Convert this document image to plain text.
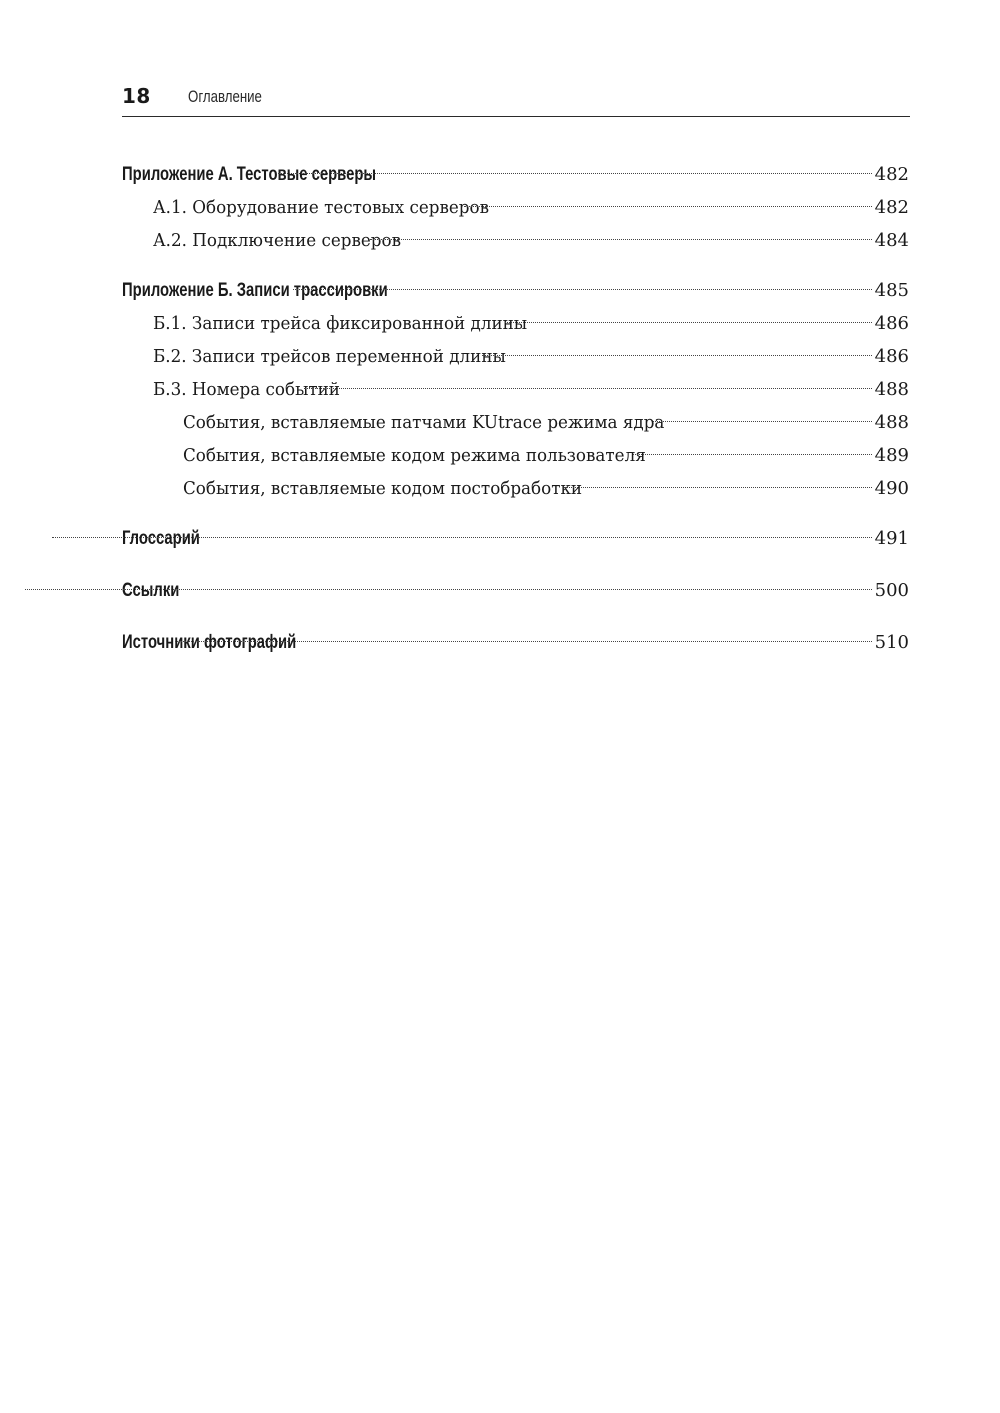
18 Оглавление
Приложение А. Тестовые серверы	482
А.1. Оборудование тестовых серверов	482
А.2. Подключение серверов	484
Приложение Б. Записи трассировки	485
Б.1. Записи трейса фиксированной длины	486
Б.2. Записи трейсов переменной длины	486
Б.3. Номера событий	488
События, вставляемые патчами KUtrace режима ядра	488
События, вставляемые кодом режима пользователя	489
События, вставляемые кодом постобработки	490
Глоссарий	491
Ссылки	500
Источники фотографий	510
